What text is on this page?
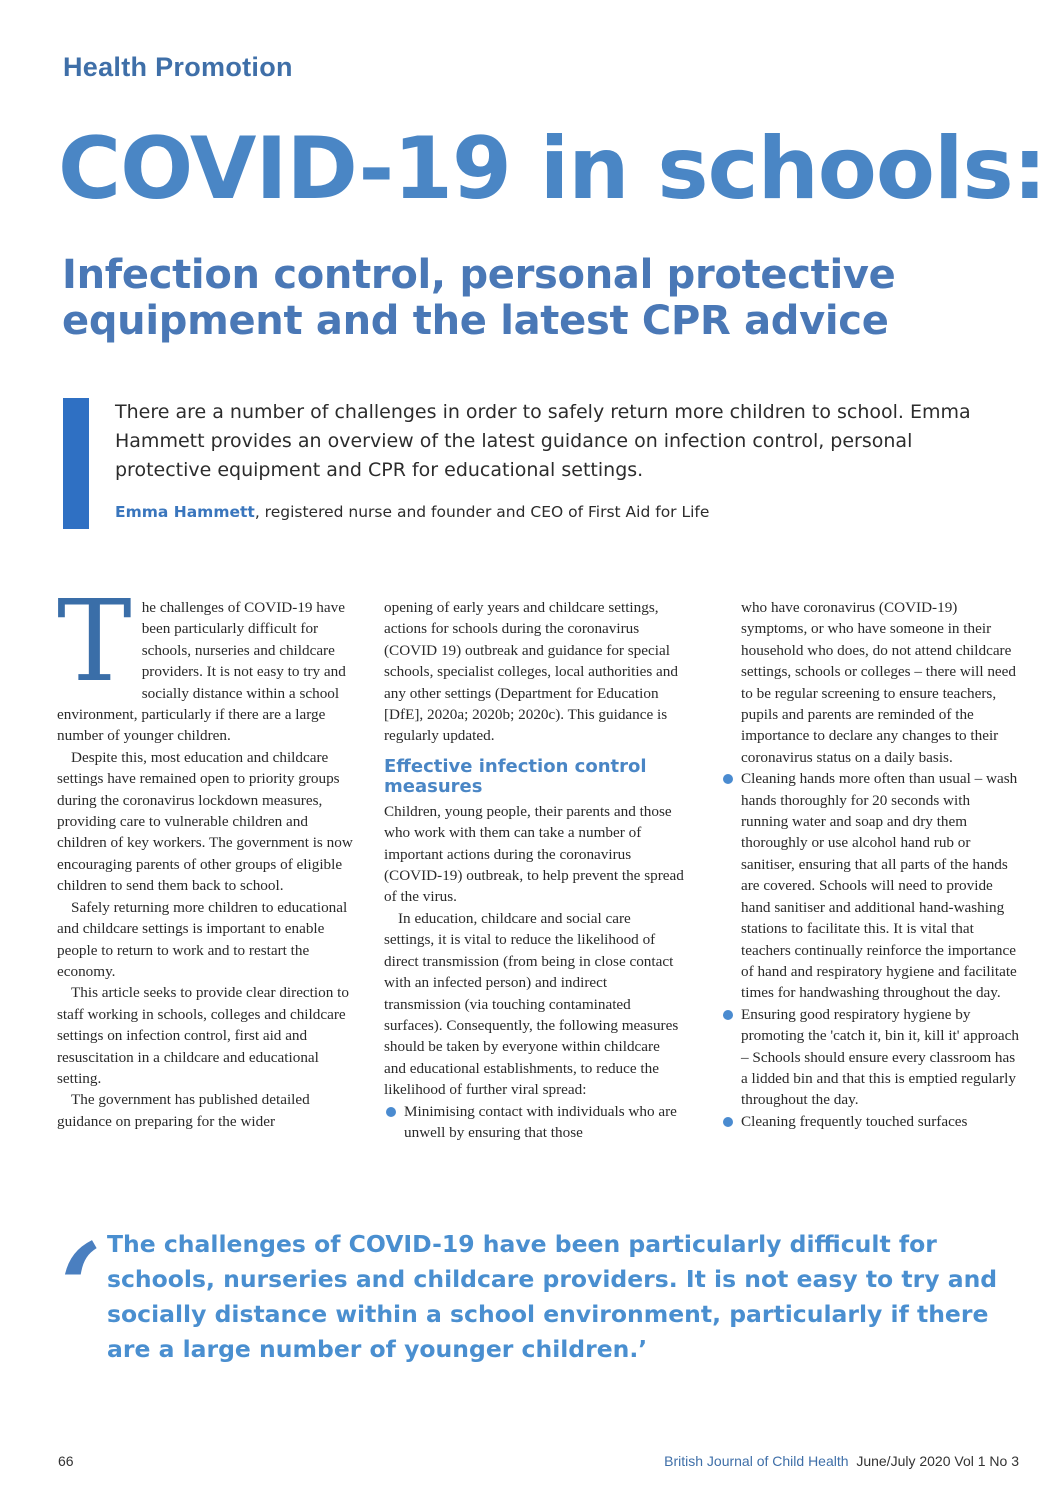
Health Promotion
COVID-19 in schools:
Infection control, personal protective equipment and the latest CPR advice
There are a number of challenges in order to safely return more children to school. Emma Hammett provides an overview of the latest guidance on infection control, personal protective equipment and CPR for educational settings.
Emma Hammett, registered nurse and founder and CEO of First Aid for Life

The challenges of COVID-19 have been particularly difficult for schools, nurseries and childcare providers. It is not easy to try and socially distance within a school environment, particularly if there are a large number of younger children.

Despite this, most education and childcare settings have remained open to priority groups during the coronavirus lockdown measures, providing care to vulnerable children and children of key workers. The government is now encouraging parents of other groups of eligible children to send them back to school.

Safely returning more children to educational and childcare settings is important to enable people to return to work and to restart the economy.

This article seeks to provide clear direction to staff working in schools, colleges and childcare settings on infection control, first aid and resuscitation in a childcare and educational setting.

The government has published detailed guidance on preparing for the wider

opening of early years and childcare settings, actions for schools during the coronavirus (COVID 19) outbreak and guidance for special schools, specialist colleges, local authorities and any other settings (Department for Education [DfE], 2020a; 2020b; 2020c). This guidance is regularly updated.

Effective infection control measures

Children, young people, their parents and those who work with them can take a number of important actions during the coronavirus (COVID-19) outbreak, to help prevent the spread of the virus.

In education, childcare and social care settings, it is vital to reduce the likelihood of direct transmission (from being in close contact with an infected person) and indirect transmission (via touching contaminated surfaces). Consequently, the following measures should be taken by everyone within childcare and educational establishments, to reduce the likelihood of further viral spread:

Minimising contact with individuals who are unwell by ensuring that those
who have coronavirus (COVID-19) symptoms, or who have someone in their household who does, do not attend childcare settings, schools or colleges – there will need to be regular screening to ensure teachers, pupils and parents are reminded of the importance to declare any changes to their coronavirus status on a daily basis.
Cleaning hands more often than usual – wash hands thoroughly for 20 seconds with running water and soap and dry them thoroughly or use alcohol hand rub or sanitiser, ensuring that all parts of the hands are covered. Schools will need to provide hand sanitiser and additional hand-washing stations to facilitate this. It is vital that teachers continually reinforce the importance of hand and respiratory hygiene and facilitate times for handwashing throughout the day.
Ensuring good respiratory hygiene by promoting the 'catch it, bin it, kill it' approach – Schools should ensure every classroom has a lidded bin and that this is emptied regularly throughout the day.
Cleaning frequently touched surfaces
‘ The challenges of COVID-19 have been particularly difficult for schools, nurseries and childcare providers. It is not easy to try and socially distance within a school environment, particularly if there are a large number of younger children.’
66	British Journal of Child Health June/July 2020 Vol 1 No 3
